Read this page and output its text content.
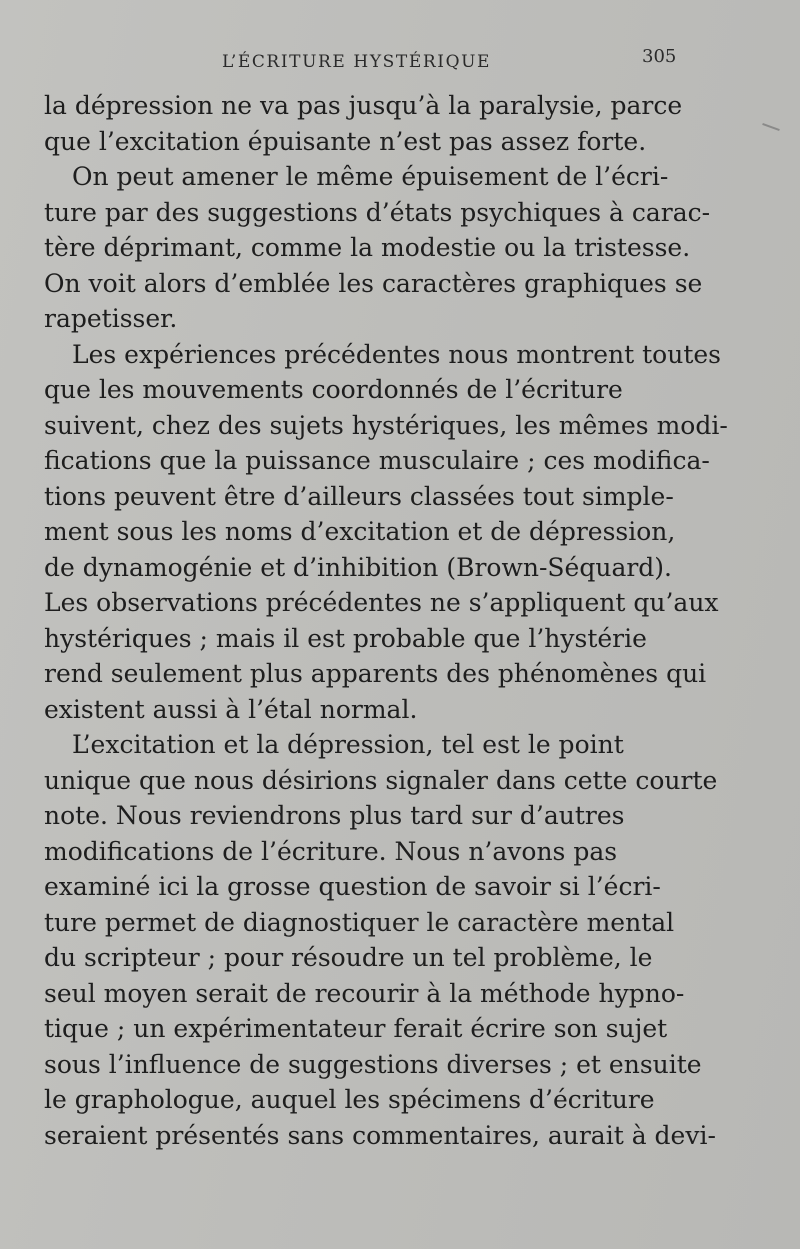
L’ÉCRITURE HYSTÉRIQUE	305
la dépression ne va pas jusqu’à la paralysie, parce
que l’excitation épuisante n’est pas assez forte.
On peut amener le même épuisement de l’écri-
ture par des suggestions d’états psychiques à carac-
tère déprimant, comme la modestie ou la tristesse.
On voit alors d’emblée les caractères graphiques se
rapetisser.
Les expériences précédentes nous montrent toutes
que les mouvements coordonnés de l’écriture
suivent, chez des sujets hystériques, les mêmes modi-
fications que la puissance musculaire ; ces modifica-
tions peuvent être d’ailleurs classées tout simple-
ment sous les noms d’excitation et de dépression,
de dynamogénie et d’inhibition (Brown-Séquard).
Les observations précédentes ne s’appliquent qu’aux
hystériques ; mais il est probable que l’hystérie
rend seulement plus apparents des phénomènes qui
existent aussi à l’étal normal.
L’excitation et la dépression, tel est le point
unique que nous désirions signaler dans cette courte
note. Nous reviendrons plus tard sur d’autres
modifications de l’écriture. Nous n’avons pas
examiné ici la grosse question de savoir si l’écri-
ture permet de diagnostiquer le caractère mental
du scripteur ; pour résoudre un tel problème, le
seul moyen serait de recourir à la méthode hypno-
tique ; un expérimentateur ferait écrire son sujet
sous l’influence de suggestions diverses ; et ensuite
le graphologue, auquel les spécimens d’écriture
seraient présentés sans commentaires, aurait à devi-
